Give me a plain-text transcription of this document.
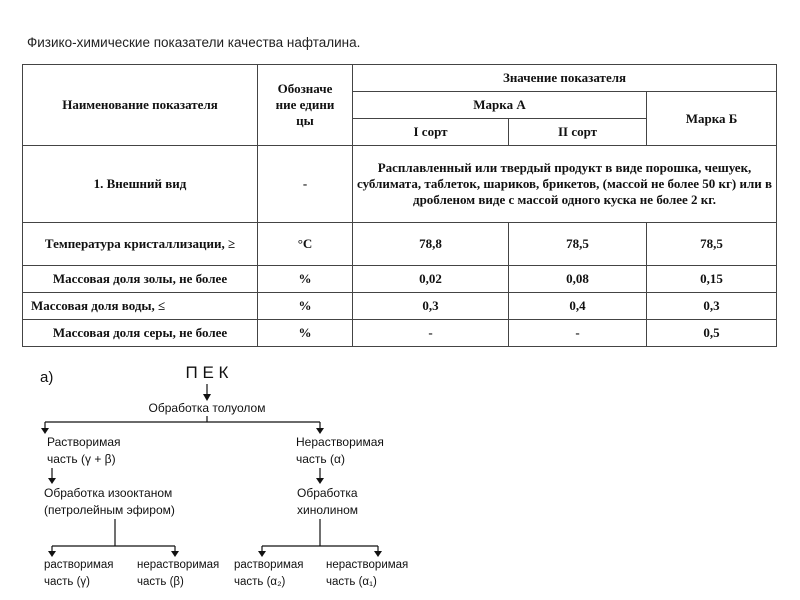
Физико-химические показатели качества нафталина.
Наименование показателя	Обозначе ние едини цы	Значение показателя		
		Марка А		Марка Б
		I сорт	II сорт	
1. Внешний вид	-	Расплавленный или твердый продукт в виде порошка, чешуек, сублимата, таблеток, шариков, брикетов, (массой не более 50 кг) или в дробленом виде с массой одного куска не более 2 кг.		
Температура кристаллизации, ≥	°С	78,8	78,5	78,5
Массовая доля золы, не более	%	0,02	0,08	0,15
Массовая доля воды, ≤	%	0,3	0,4	0,3
Массовая доля серы, не более	%	-	-	0,5
а)	П Е К
Обработка толуолом
Растворимая
часть (γ + β)
Нерастворимая
часть (α)
Обработка изооктаном
(петролейным эфиром)
Обработка
хинолином
растворимая
часть (γ)
нерастворимая
часть (β)
растворимая
часть (α₂)
нерастворимая
часть (α₁)
